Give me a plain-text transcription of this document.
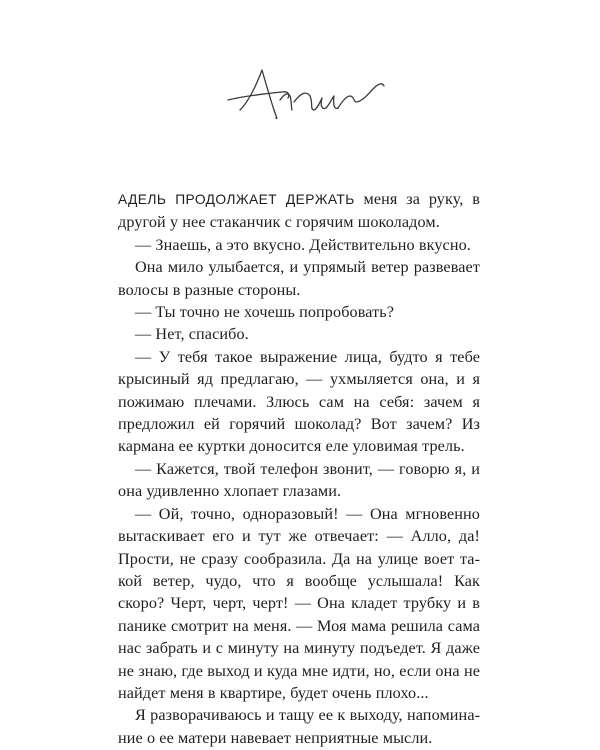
АДЕЛЬ ПРОДОЛЖАЕТ ДЕРЖАТЬ меня за руку, в другой у нее стаканчик с горячим шоколадом.

— Знаешь, а это вкусно. Действительно вкусно.

Она мило улыбается, и упрямый ветер развевает волосы в разные стороны.

— Ты точно не хочешь попробовать?

— Нет, спасибо.

— У тебя такое выражение лица, будто я тебе крысиный яд предлагаю, — ухмыляется она, и я пожимаю плечами. Злюсь сам на себя: зачем я предложил ей горячий шоколад? Вот зачем? Из кармана ее куртки доносится еле уловимая трель.

— Кажется, твой телефон звонит, — говорю я, и она удивленно хлопает глазами.

— Ой, точно, одноразовый! — Она мгновенно вытаскивает его и тут же отвечает: — Алло, да! Прости, не сразу сообразила. Да на улице воет такой ветер, чудо, что я вообще услышала! Как скоро? Черт, черт, черт! — Она кладет трубку и в панике смотрит на меня. — Моя мама решила сама нас забрать и с минуту на минуту подъедет. Я даже не знаю, где выход и куда мне идти, но, если она не найдет меня в квартире, будет очень плохо...

Я разворачиваюсь и тащу ее к выходу, напоминание о ее матери навевает неприятные мысли.
